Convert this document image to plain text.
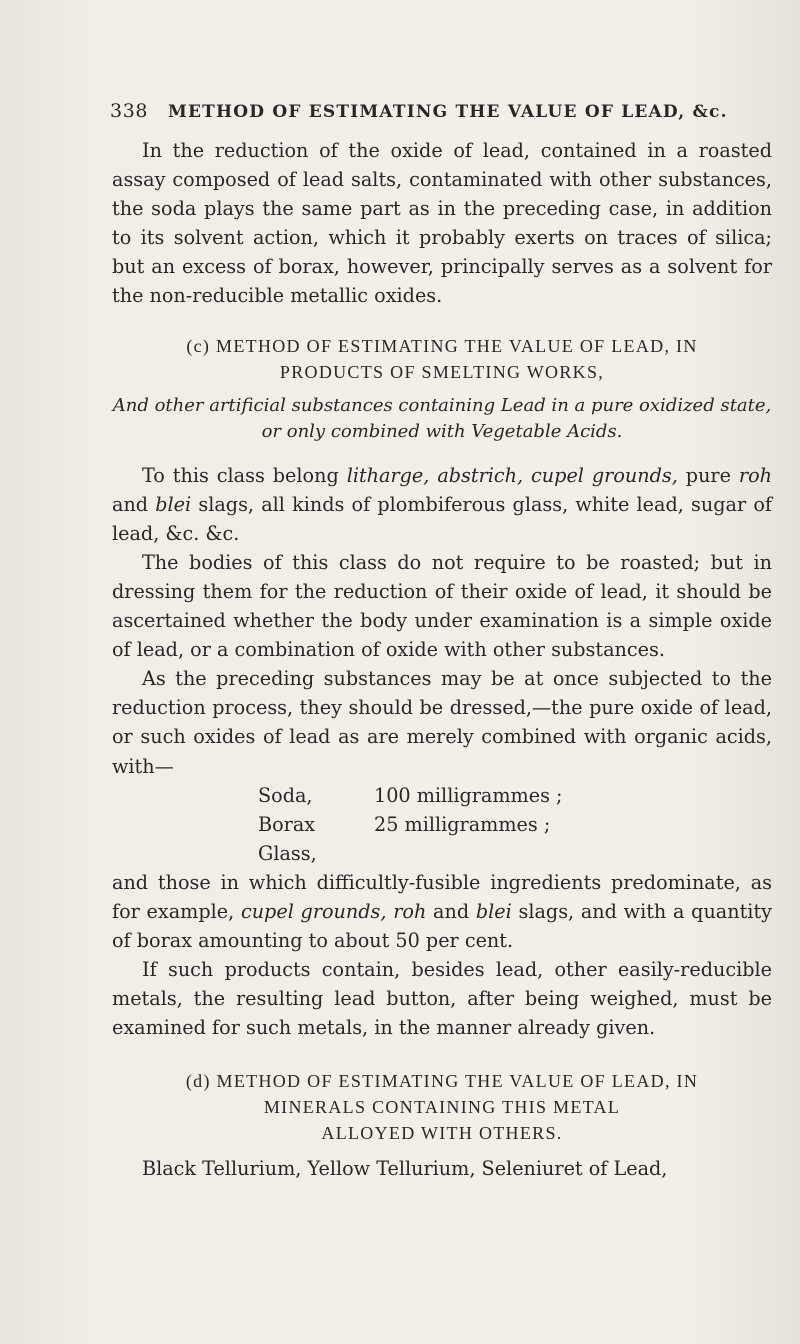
338 METHOD OF ESTIMATING THE VALUE OF LEAD, &c.

In the reduction of the oxide of lead, contained in a roasted assay composed of lead salts, contaminated with other substances, the soda plays the same part as in the preceding case, in addition to its solvent action, which it probably exerts on traces of silica; but an excess of borax, however, principally serves as a solvent for the non-reducible metallic oxides.

(c) METHOD OF ESTIMATING THE VALUE OF LEAD, IN
PRODUCTS OF SMELTING WORKS,
And other artificial substances containing Lead in a pure oxidized state,
or only combined with Vegetable Acids.

To this class belong litharge, abstrich, cupel grounds, pure roh and blei slags, all kinds of plombiferous glass, white lead, sugar of lead, &c. &c.

The bodies of this class do not require to be roasted; but in dressing them for the reduction of their oxide of lead, it should be ascertained whether the body under examination is a simple oxide of lead, or a combination of oxide with other substances.

As the preceding substances may be at once subjected to the reduction process, they should be dressed,—the pure oxide of lead, or such oxides of lead as are merely combined with organic acids, with—

Soda,	100 milligrammes ;
Borax Glass,
25 milligrammes ;

and those in which difficultly-fusible ingredients predominate, as for example, cupel grounds, roh and blei slags, and with a quantity of borax amounting to about 50 per cent.

If such products contain, besides lead, other easily-reducible metals, the resulting lead button, after being weighed, must be examined for such metals, in the manner already given.

(d) METHOD OF ESTIMATING THE VALUE OF LEAD, IN
MINERALS CONTAINING THIS METAL
ALLOYED WITH OTHERS.

Black Tellurium, Yellow Tellurium, Seleniuret of Lead,
